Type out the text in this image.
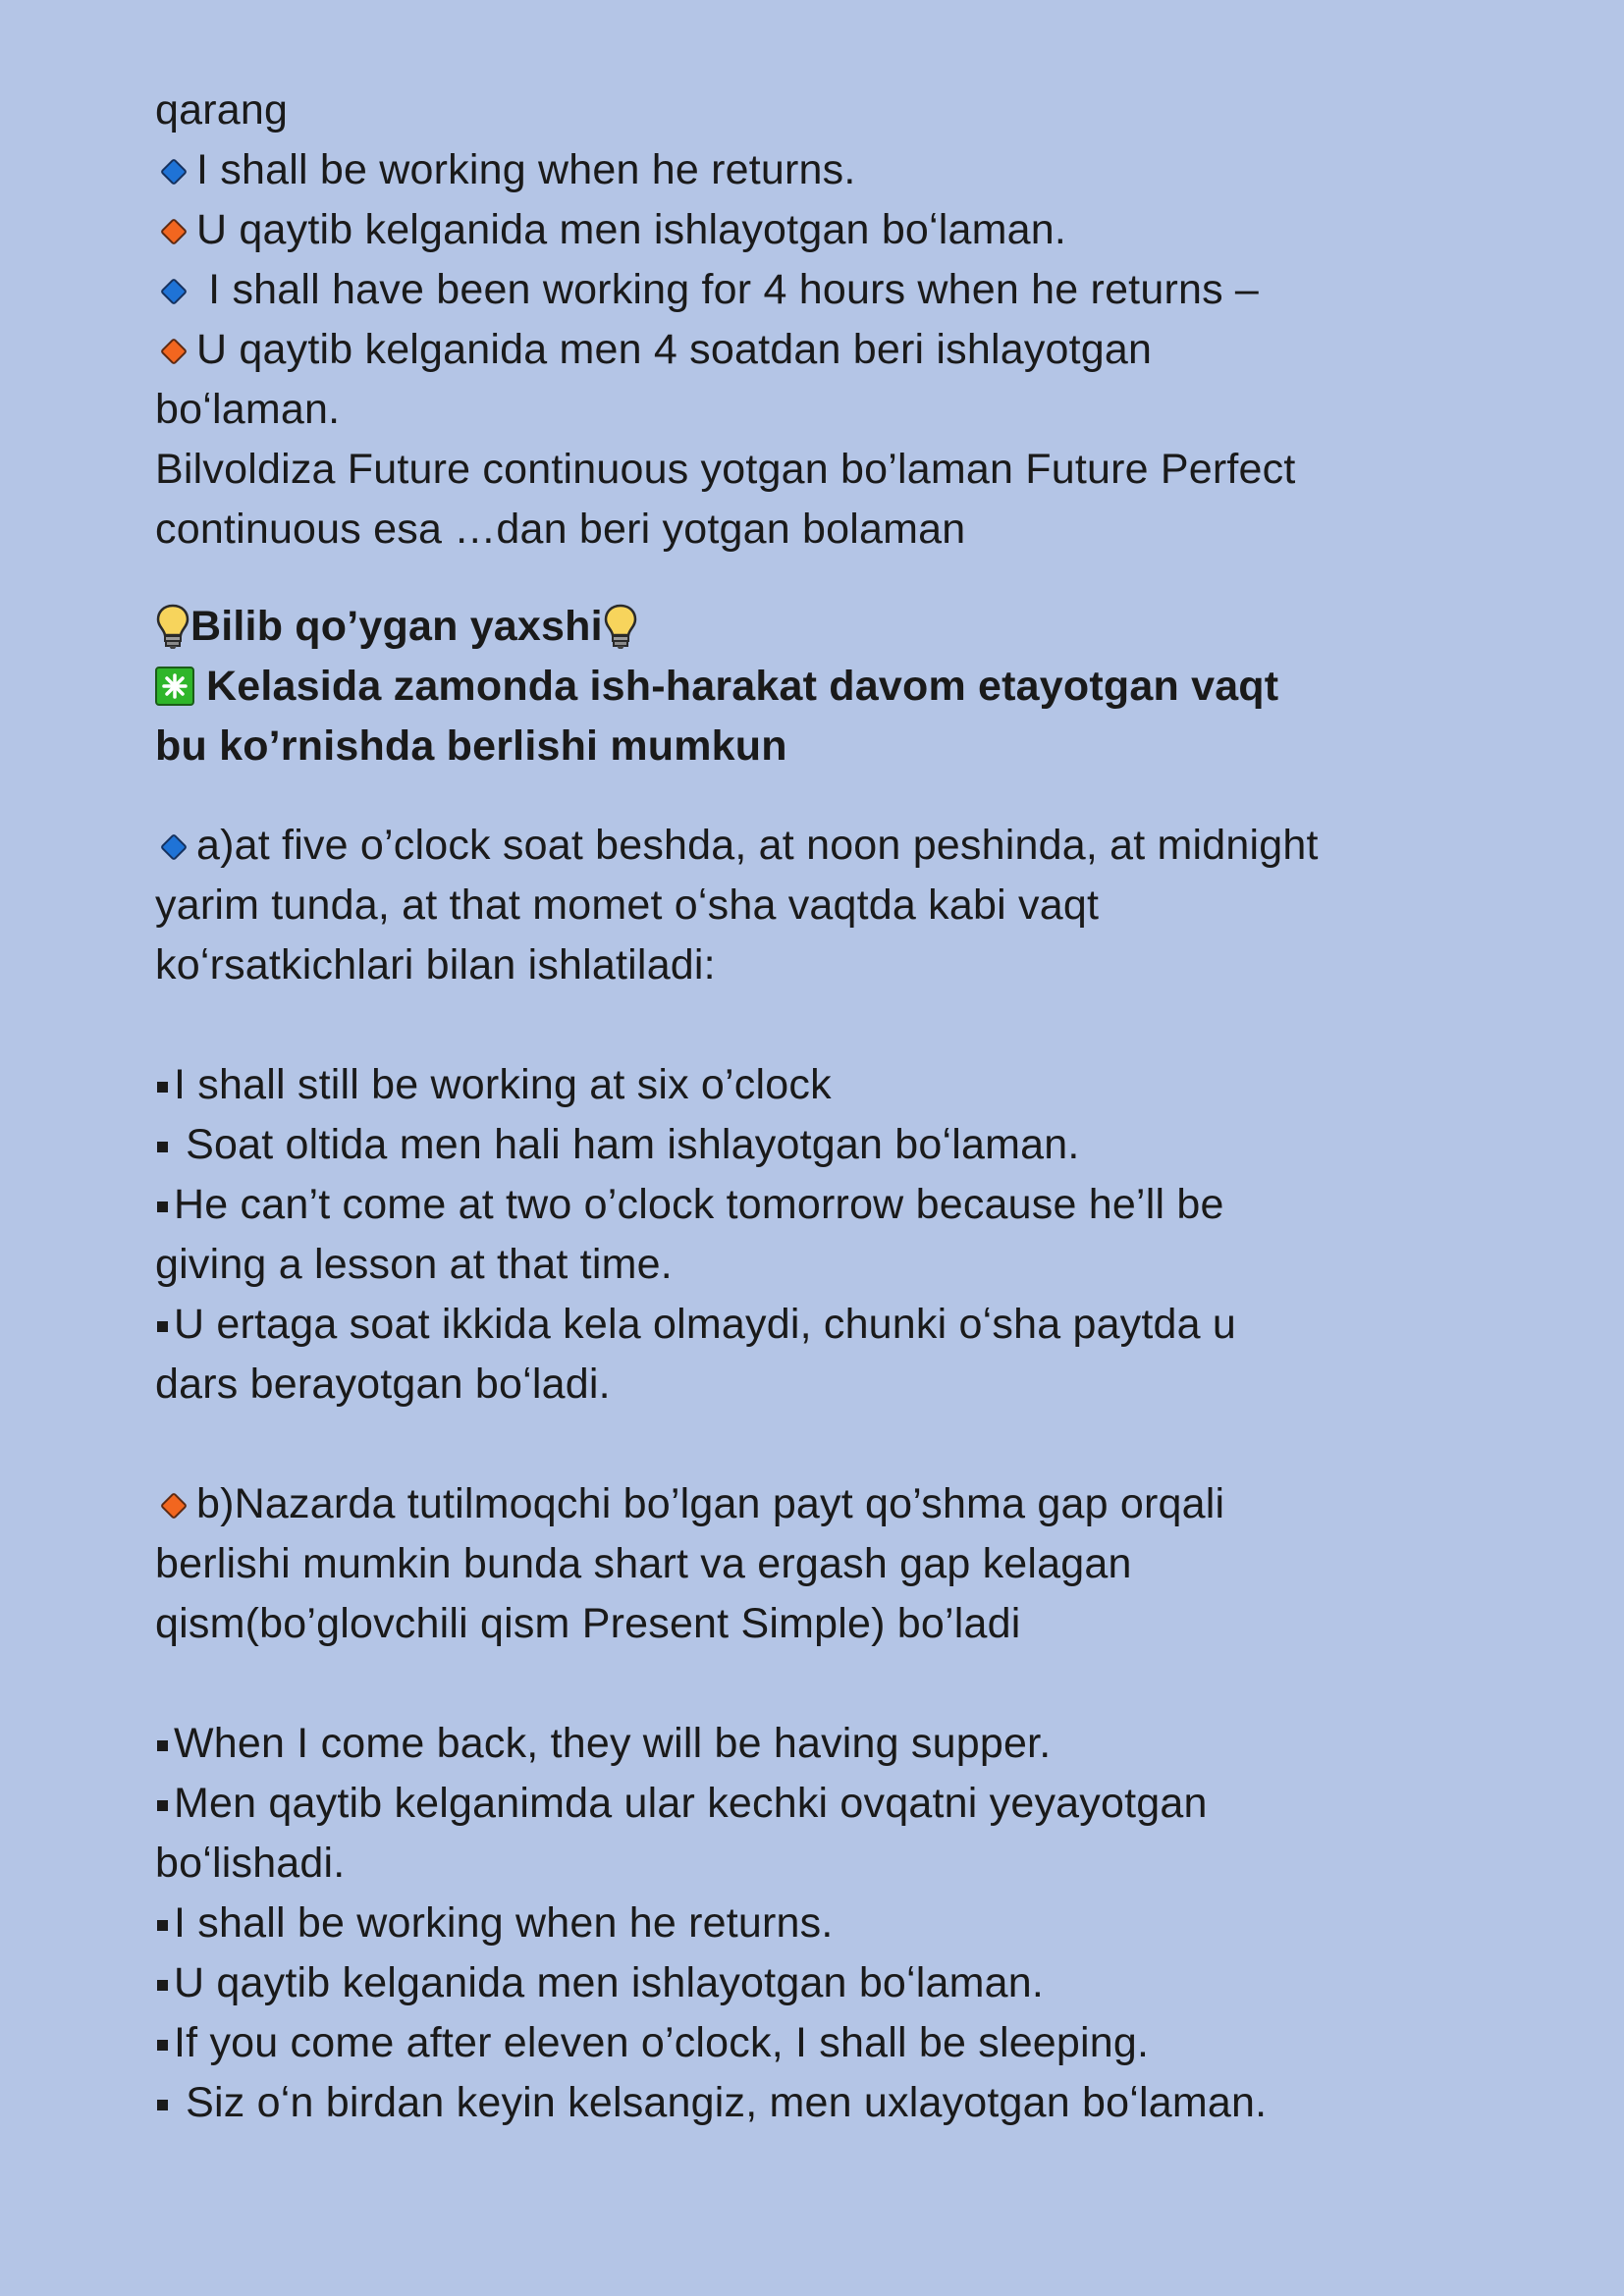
qarang
I shall be working when he returns.
U qaytib kelganida men ishlayotgan boʻlaman.
I shall have been working for 4 hours when he returns –
U qaytib kelganida men 4 soatdan beri ishlayotgan
boʻlaman.
Bilvoldiza Future continuous yotgan bo’laman Future Perfect
continuous esa …dan beri yotgan bolaman
Bilib qo’ygan yaxshi
Kelasida zamonda ish-harakat davom etayotgan vaqt
bu ko’rnishda berlishi mumkun
a)at five o’clock soat beshda, at noon peshinda, at midnight
yarim tunda, at that momet oʻsha vaqtda kabi vaqt
koʻrsatkichlari bilan ishlatiladi:
I shall still be working at six o’clock
Soat oltida men hali ham ishlayotgan boʻlaman.
He can’t come at two o’clock tomorrow because he’ll be
giving a lesson at that time.
U ertaga soat ikkida kela olmaydi, chunki oʻsha paytda u
dars berayotgan boʻladi.
b)Nazarda tutilmoqchi bo’lgan payt qo’shma gap orqali
berlishi mumkin bunda shart va ergash gap kelagan
qism(bo’glovchili qism Present Simple) bo’ladi
When I come back, they will be having supper.
Men qaytib kelganimda ular kechki ovqatni yeyayotgan
boʻlishadi.
I shall be working when he returns.
U qaytib kelganida men ishlayotgan boʻlaman.
If you come after eleven o’clock, I shall be sleeping.
Siz oʻn birdan keyin kelsangiz, men uxlayotgan boʻlaman.
